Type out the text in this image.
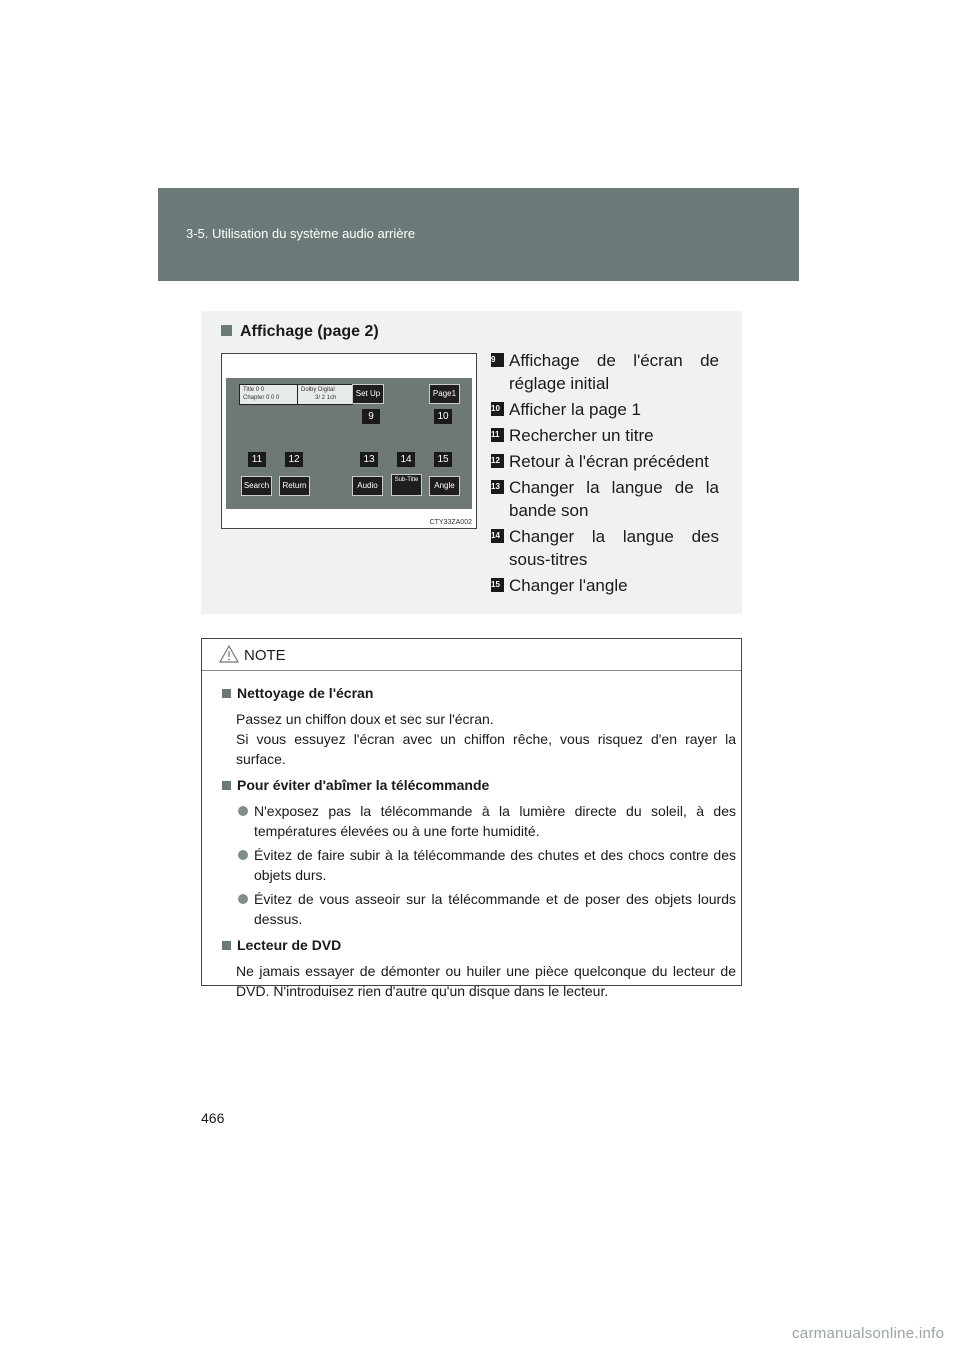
3-5. Utilisation du système audio arrière
Affichage (page 2)
Title 0 0
Chapter 0 0 0
Dolby Digital
3/ 2 1ch	Set Up	Page1
Search	Return	Audio
Sub-Title
Angle
9	10
11	12	13	14	15
CTY33ZA002
9 Affichage de l'écran de réglage initial
10 Afficher la page 1
11 Rechercher un titre
12 Retour à l'écran précédent
13 Changer la langue de la bande son
14 Changer la langue des sous-titres
15 Changer l'angle
NOTE
Nettoyage de l'écran
Passez un chiffon doux et sec sur l'écran.
Si vous essuyez l'écran avec un chiffon rêche, vous risquez d'en rayer la surface.
Pour éviter d'abîmer la télécommande
N'exposez pas la télécommande à la lumière directe du soleil, à des températures élevées ou à une forte humidité.
Évitez de faire subir à la télécommande des chutes et des chocs contre des objets durs.
Évitez de vous asseoir sur la télécommande et de poser des objets lourds dessus.
Lecteur de DVD
Ne jamais essayer de démonter ou huiler une pièce quelconque du lecteur de DVD. N'introduisez rien d'autre qu'un disque dans le lecteur.
466
carmanualsonline.info
